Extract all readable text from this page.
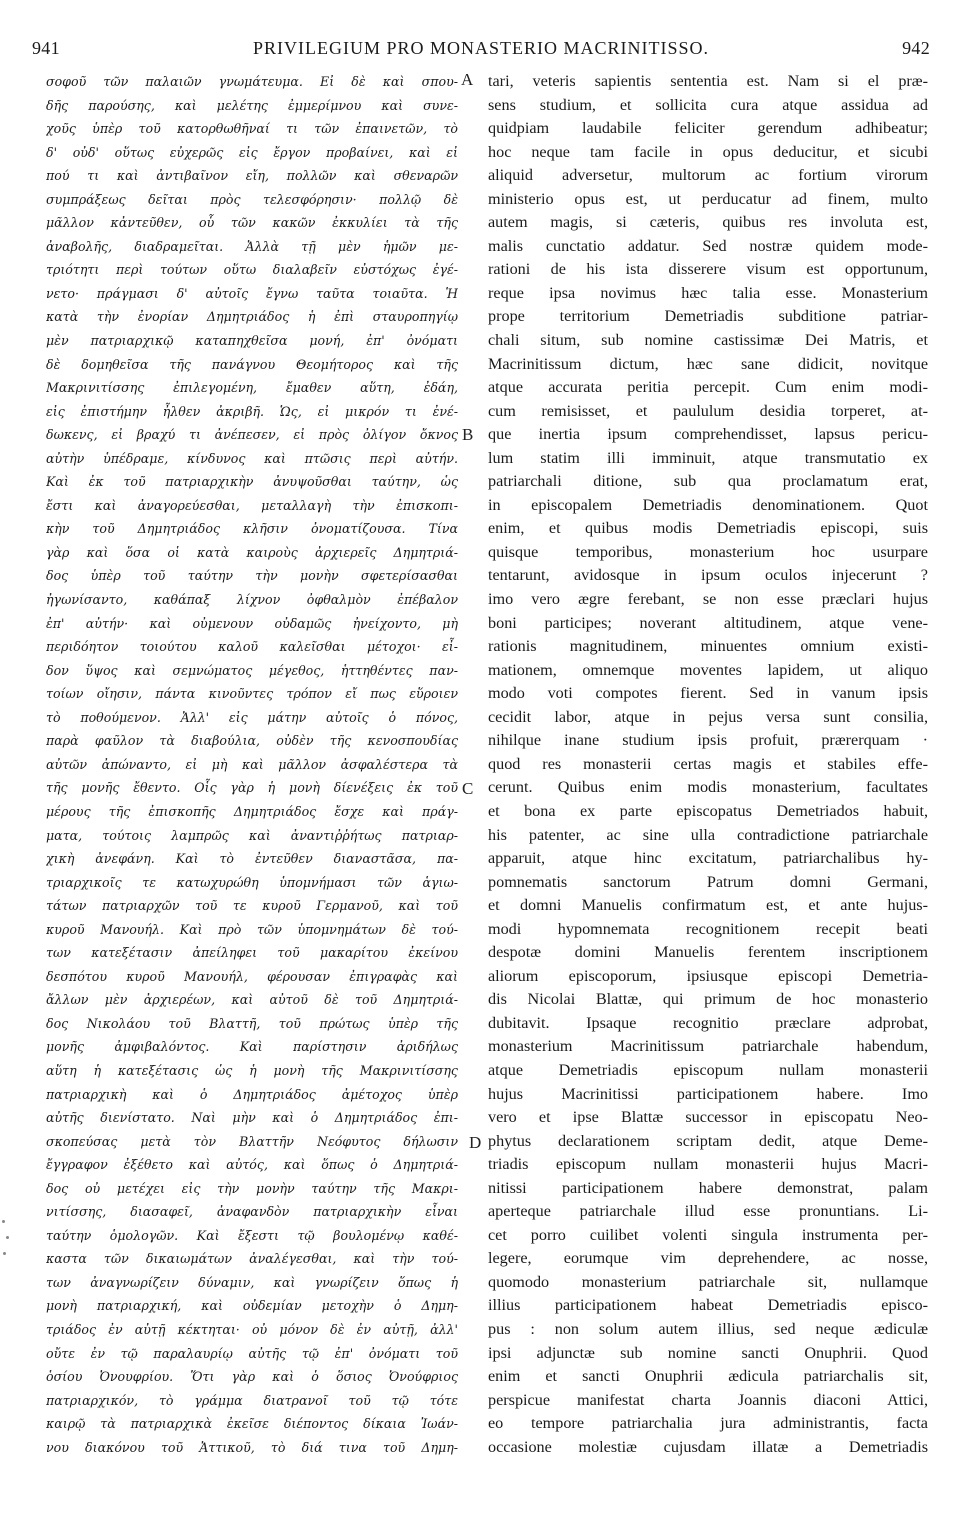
941	PRIVILEGIUM PRO MONASTERIO MACRINITISSO.	942
σοφοῦ τῶν παλαιῶν γνωμάτευμα. Εἰ δὲ καὶ σπου-
δῆς παρούσης, καὶ μελέτης ἐμμερίμνου καὶ συνε-
χοῦς ὑπὲρ τοῦ κατορθωθῆναί τι τῶν ἐπαινετῶν, τὸ
δ' οὐδ' οὕτως εὐχερῶς εἰς ἔργον προβαίνει, καὶ εἰ
πού τι καὶ ἀντιβαῖνον εἴη, πολλῶν καὶ σθεναρῶν
συμπράξεως δεῖται πρὸς τελεσφόρησιν· πολλῷ δὲ
μᾶλλον κἀντεῦθεν, οὗ τῶν κακῶν ἐκκυλίει τὰ τῆς
ἀναβολῆς, διαδραμεῖται. Ἀλλὰ τῇ μὲν ἡμῶν με-
τριότητι περὶ τούτων οὕτω διαλαβεῖν εὐστόχως ἐγέ-
νετο· πράγμασι δ' αὐτοῖς ἔγνω ταῦτα τοιαῦτα. Ἡ
κατὰ τὴν ἐνορίαν Δημητριάδος ἡ ἐπὶ σταυροπηγίῳ
μὲν πατριαρχικῷ καταπηχθεῖσα μονή, ἐπ' ὀνόματι
δὲ δομηθεῖσα τῆς πανάγνου Θεομήτορος καὶ τῆς
Μακρινιτίσσης ἐπιλεγομένη, ἔμαθεν αὕτη, ἐδάη,
εἰς ἐπιστήμην ἦλθεν ἀκριβῆ. Ὡς, εἰ μικρόν τι ἐνέ-
δωκενς, εἰ βραχύ τι ἀνέπεσεν, εἰ πρὸς ὀλίγον ὄκνος
αὐτὴν ὑπέδραμε, κίνδυνος καὶ πτῶσις περὶ αὐτήν.
Καὶ ἐκ τοῦ πατριαρχικὴν ἀνυψοῦσθαι ταύτην, ὡς
ἔστι καὶ ἀναγορεύεσθαι, μεταλλαγὴ τὴν ἐπισκοπι-
κὴν τοῦ Δημητριάδος κλῆσιν ὀνοματίζουσα. Τίνα
γὰρ καὶ ὅσα οἱ κατὰ καιροὺς ἀρχιερεῖς Δημητριά-
δος ὑπὲρ τοῦ ταύτην τὴν μονὴν σφετερίσασθαι
ἠγωνίσαντο, καθάπαξ λίχνον ὀφθαλμὸν ἐπέβαλον
ἐπ' αὐτήν· καὶ οὐμενουν οὐδαμῶς ἠνείχοντο, μὴ
περιδόητον τοιούτου καλοῦ καλεῖσθαι μέτοχοι· εἶ-
δον ὕψος καὶ σεμνώματος μέγεθος, ἡττηθέντες παν-
τοίων οἴησιν, πάντα κινοῦντες τρόπον εἴ πως εὕροιεν
τὸ ποθούμενον. Ἀλλ' εἰς μάτην αὐτοῖς ὁ πόνος,
παρὰ φαῦλον τὰ διαβούλια, οὐδὲν τῆς κενοσπουδίας
αὐτῶν ἀπώναντο, εἰ μὴ καὶ μᾶλλον ἀσφαλέστερα τὰ
τῆς μονῆς ἔθεντο. Οἷς γὰρ ἡ μονὴ δίενέξεις ἐκ τοῦ
μέρους τῆς ἐπισκοπῆς Δημητριάδος ἔσχε καὶ πράγ-
ματα, τούτοις λαμπρῶς καὶ ἀναντιῤῥήτως πατριαρ-
χικὴ ἀνεφάνη. Καὶ τὸ ἐντεῦθεν διαναστᾶσα, πα-
τριαρχικοῖς τε κατωχυρώθη ὑπομνήμασι τῶν ἁγιω-
τάτων πατριαρχῶν τοῦ τε κυροῦ Γερμανοῦ, καὶ τοῦ
κυροῦ Μανουήλ. Καὶ πρὸ τῶν ὑπομνημάτων δὲ τού-
των κατεξέτασιν ἀπείληφει τοῦ μακαρίτου ἐκείνου
δεσπότου κυροῦ Μανουήλ, φέρουσαν ἐπιγραφὰς καὶ
ἄλλων μὲν ἀρχιερέων, καὶ αὐτοῦ δὲ τοῦ Δημητριά-
δος Νικολάου τοῦ Βλαττῆ, τοῦ πρώτως ὑπὲρ τῆς
μονῆς ἀμφιβαλόντος. Καὶ παρίστησιν ἀριδήλως
αὕτη ἡ κατεξέτασις ὡς ἡ μονὴ τῆς Μακρινιτίσσης
πατριαρχικὴ καὶ ὁ Δημητριάδος ἀμέτοχος ὑπὲρ
αὐτῆς διενίστατο. Ναὶ μὴν καὶ ὁ Δημητριάδος ἐπι-
σκοπεύσας μετὰ τὸν Βλαττῆν Νεόφυτος δήλωσιν
ἔγγραφον ἐξέθετο καὶ αὐτός, καὶ ὅπως ὁ Δημητριά-
δος οὐ μετέχει εἰς τὴν μονὴν ταύτην τῆς Μακρι-
νιτίσσης, διασαφεῖ, ἀναφανδὸν πατριαρχικὴν εἶναι
ταύτην ὁμολογῶν. Καὶ ἔξεστι τῷ βουλομένῳ καθέ-
καστα τῶν δικαιωμάτων ἀναλέγεσθαι, καὶ τὴν τού-
των ἀναγνωρίζειν δύναμιν, καὶ γνωρίζειν ὅπως ἡ
μονὴ πατριαρχική, καὶ οὐδεμίαν μετοχὴν ὁ Δημη-
τριάδος ἐν αὐτῇ κέκτηται· οὐ μόνον δὲ ἐν αὐτῇ, ἀλλ'
οὔτε ἐν τῷ παραλαυρίῳ αὐτῆς τῷ ἐπ' ὀνόματι τοῦ
ὁσίου Ὀνουφρίου. Ὅτι γὰρ καὶ ὁ ὅσιος Ὀνούφριος
πατριαρχικόν, τὸ γράμμα διατρανοῖ τοῦ τῷ τότε
καιρῷ τὰ πατριαρχικὰ ἐκεῖσε διέποντος δίκαια Ἰωάν-
νου διακόνου τοῦ Ἀττικοῦ, τὸ διά τινα τοῦ Δημη-
A
B
C
D
tari, veteris sapientis sententia est. Nam si el præ-
sens studium, et sollicita cura atque assidua ad
quidpiam laudabile feliciter gerendum adhibeatur;
hoc neque tam facile in opus deducitur, et sicubi
aliquid adversetur, multorum ac fortium virorum
ministerio opus est, ut perducatur ad finem, multo
autem magis, si cæteris, quibus res involuta est,
malis cunctatio addatur. Sed nostræ quidem mode-
rationi de his ista disserere visum est opportunum,
reque ipsa novimus hæc talia esse. Monasterium
prope territorium Demetriadis subditione patriar-
chali situm, sub nomine castissimæ Dei Matris, et
Macrinitissum dictum, hæc sane didicit, novitque
atque accurata peritia percepit. Cum enim modi-
cum remisisset, et paululum desidia torperet, at-
que inertia ipsum comprehendisset, lapsus pericu-
lum statim illi imminuit, atque transmutatio ex
patriarchali ditione, sub qua proclamatum erat,
in episcopalem Demetriadis denominationem. Quot
enim, et quibus modis Demetriadis episcopi, suis
quisque temporibus, monasterium hoc usurpare
tentarunt, avidosque in ipsum oculos injecerunt ?
imo vero ægre ferebant, se non esse præclari hujus
boni participes; noverant altitudinem, atque vene-
rationis magnitudinem, minuentes omnium existi-
mationem, omnemque moventes lapidem, ut aliquo
modo voti compotes fierent. Sed in vanum ipsis
cecidit labor, atque in pejus versa sunt consilia,
nihilque inane studium ipsis profuit, prærerquam ·
quod res monasterii certas magis et stabiles effe-
cerunt. Quibus enim modis monasterium, facultates
et bona ex parte episcopatus Demetriados habuit,
his patenter, ac sine ulla contradictione patriarchale
apparuit, atque hinc excitatum, patriarchalibus hy-
pomnematis sanctorum Patrum domni Germani,
et domni Manuelis confirmatum est, et ante hujus-
modi hypomnemata recognitionem recepit beati
despotæ domini Manuelis ferentem inscriptionem
aliorum episcoporum, ipsiusque episcopi Demetria-
dis Nicolai Blattæ, qui primum de hoc monasterio
dubitavit. Ipsaque recognitio præclare adprobat,
monasterium Macrinitissum patriarchale habendum,
atque Demetriadis episcopum nullam monasterii
hujus Macrinitissi participationem habere. Imo
vero et ipse Blattæ successor in episcopatu Neo-
phytus declarationem scriptam dedit, atque Deme-
triadis episcopum nullam monasterii hujus Macri-
nitissi participationem habere demonstrat, palam
aperteque patriarchale illud esse pronuntians. Li-
cet porro cuilibet volenti singula instrumenta per-
legere, eorumque vim deprehendere, ac nosse,
quomodo monasterium patriarchale sit, nullamque
illius participationem habeat Demetriadis episco-
pus : non solum autem illius, sed neque ædiculæ
ipsi adjunctæ sub nomine sancti Onuphrii. Quod
enim et sancti Onuphrii ædicula patriarchalis sit,
perspicue manifestat charta Joannis diaconi Attici,
eo tempore patriarchalia jura administrantis, facta
occasione molestiæ cujusdam illatæ a Demetriadis
